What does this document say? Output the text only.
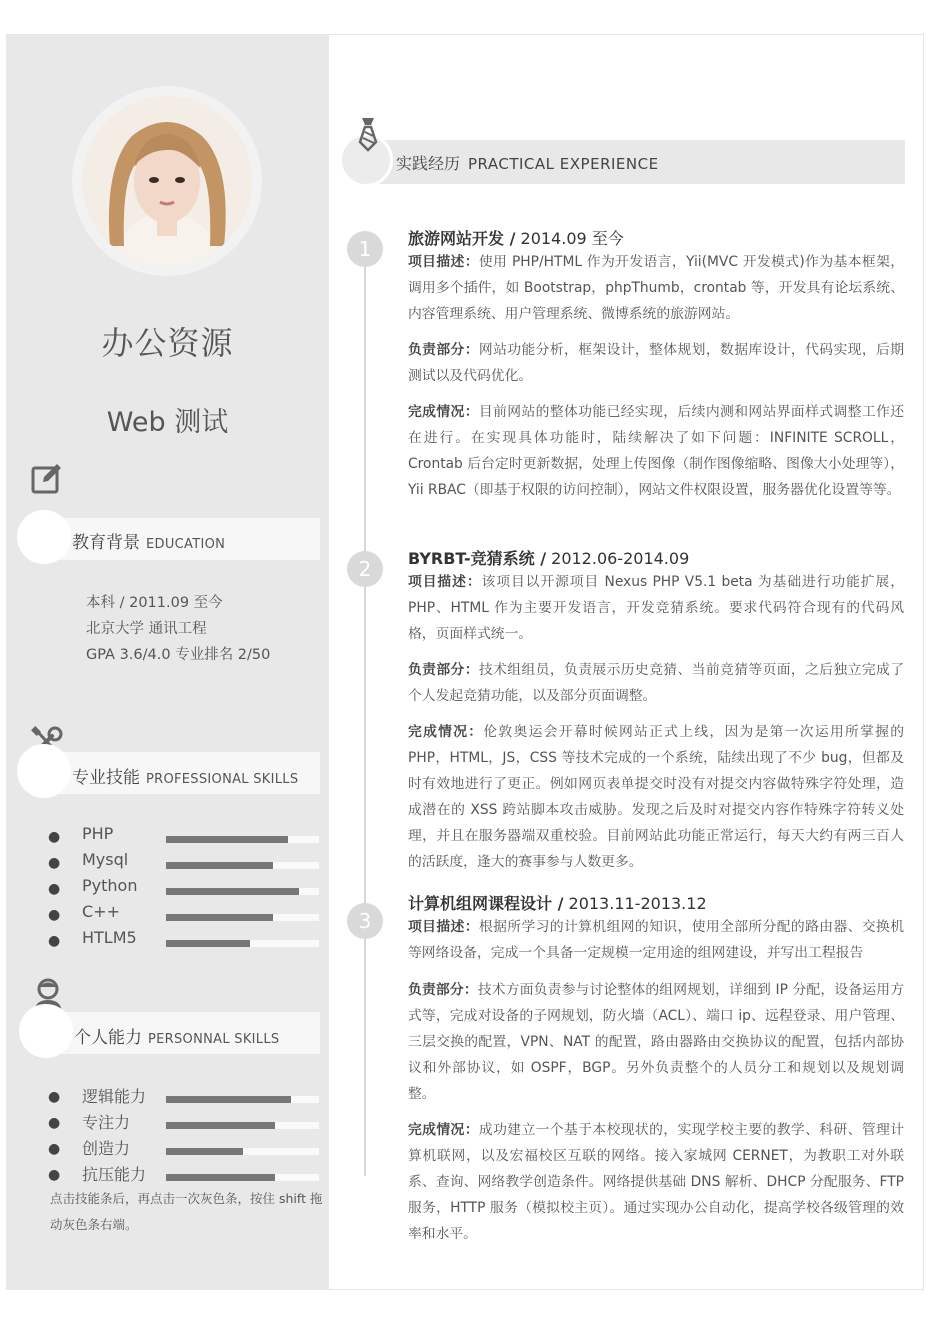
办公资源
Web 测试
教育背景 EDUCATION
本科 / 2011.09 至今
北京大学 通讯工程
GPA 3.6/4.0 专业排名 2/50
专业技能 PROFESSIONAL SKILLS
● PHP
● Mysql
● Python
● C++
● HTLM5
个人能力 PERSONNAL SKILLS
● 逻辑能力
● 专注力
● 创造力
● 抗压能力
点击技能条后，再点击一次灰色条，按住 shift 拖动灰色条右端。
实践经历 PRACTICAL EXPERIENCE
1	旅游网站开发 / 2014.09 至今
项目描述：使用 PHP/HTML 作为开发语言，Yii(MVC 开发模式)作为基本框架，调用多个插件，如 Bootstrap，phpThumb，crontab 等，开发具有论坛系统、内容管理系统、用户管理系统、微博系统的旅游网站。
负责部分：网站功能分析，框架设计，整体规划，数据库设计，代码实现，后期测试以及代码优化。
完成情况：目前网站的整体功能已经实现，后续内测和网站界面样式调整工作还在进行。在实现具体功能时，陆续解决了如下问题：INFINITE SCROLL，Crontab 后台定时更新数据，处理上传图像（制作图像缩略、图像大小处理等），Yii RBAC（即基于权限的访问控制），网站文件权限设置，服务器优化设置等等。
2	BYRBT-竞猜系统 / 2012.06-2014.09
项目描述：该项目以开源项目 Nexus PHP V5.1 beta 为基础进行功能扩展，PHP、HTML 作为主要开发语言，开发竞猜系统。要求代码符合现有的代码风格，页面样式统一。
负责部分：技术组组员，负责展示历史竞猜、当前竞猜等页面，之后独立完成了个人发起竞猜功能，以及部分页面调整。
完成情况：伦敦奥运会开幕时候网站正式上线，因为是第一次运用所掌握的 PHP，HTML，JS，CSS 等技术完成的一个系统，陆续出现了不少 bug，但都及时有效地进行了更正。例如网页表单提交时没有对提交内容做特殊字符处理，造成潜在的 XSS 跨站脚本攻击威胁。发现之后及时对提交内容作特殊字符转义处理，并且在服务器端双重校验。目前网站此功能正常运行，每天大约有两三百人的活跃度，逢大的赛事参与人数更多。
3
计算机组网课程设计 / 2013.11-2013.12
项目描述：根据所学习的计算机组网的知识，使用全部所分配的路由器、交换机等网络设备，完成一个具备一定规模一定用途的组网建设，并写出工程报告
负责部分：技术方面负责参与讨论整体的组网规划，详细到 IP 分配，设备运用方式等，完成对设备的子网规划，防火墙（ACL）、端口 ip、远程登录、用户管理、三层交换的配置，VPN、NAT 的配置，路由器路由交换协议的配置，包括内部协议和外部协议，如 OSPF，BGP。另外负责整个的人员分工和规划以及规划调整。
完成情况：成功建立一个基于本校现状的，实现学校主要的教学、科研、管理计算机联网，以及宏福校区互联的网络。接入家城网 CERNET，为教职工对外联系、查询、网络教学创造条件。网络提供基础 DNS 解析、DHCP 分配服务、FTP 服务，HTTP 服务（模拟校主页）。通过实现办公自动化，提高学校各级管理的效率和水平。
